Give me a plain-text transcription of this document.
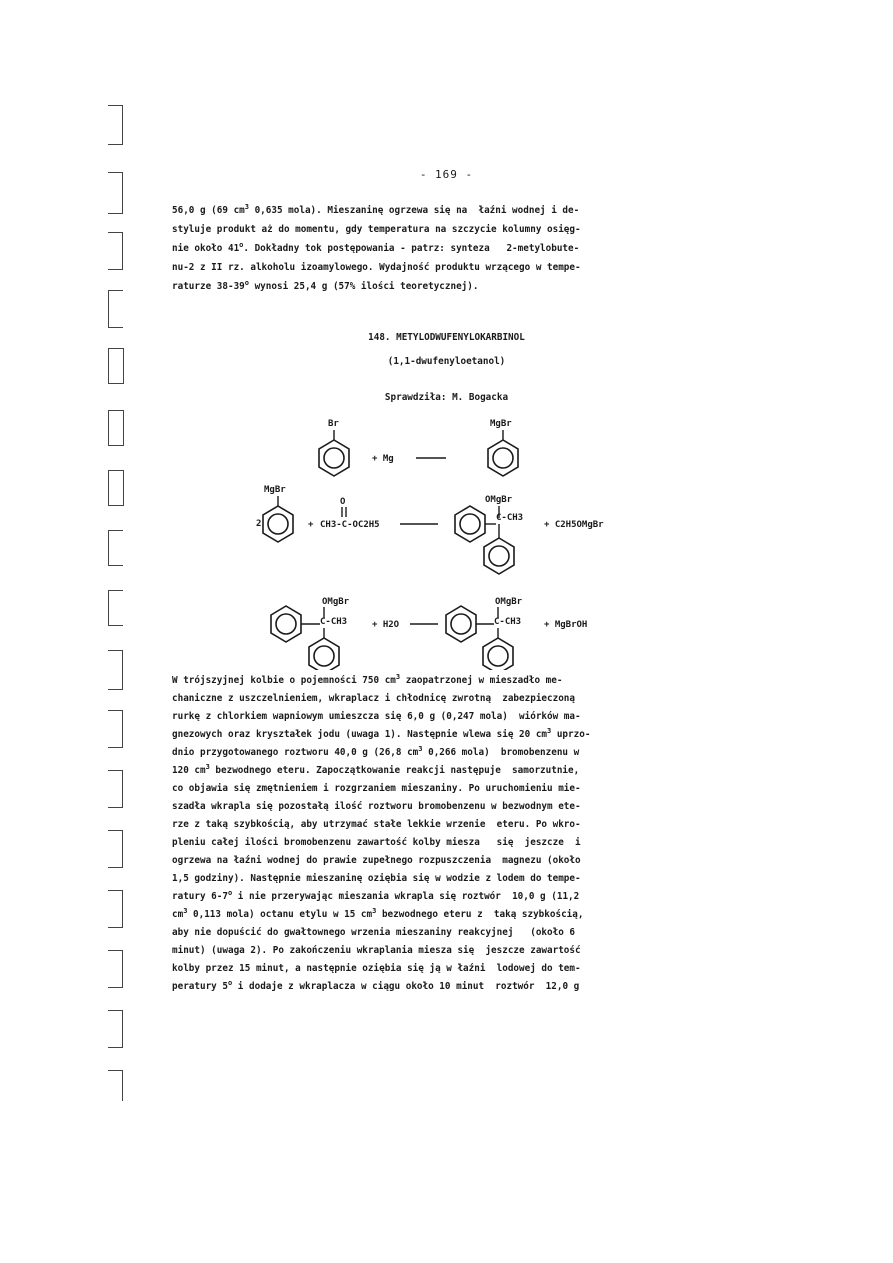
- 169 -
56,0 g (69 $cm^3$ 0,635 mola). Mieszaninę ogrzewa się na  łaźni wodnej i de-
styluje produkt aż do momentu, gdy temperatura na szczycie kolumny osięg-
nie około 41$^o$. Dokładny tok postępowania - patrz: synteza   2-metylobute-
nu-2 z II rz. alkoholu izoamylowego. Wydajność produktu wrzącego w tempe-
raturze 38-39$^o$ wynosi 25,4 g (57% ilości teoretycznej).
148. METYLODWUFENYLOKARBINOL
(1,1-dwufenyloetanol)
Sprawdziła: M. Bogacka
Br
+ Mg
MgBr
2
MgBr
+
O
CH3-C-OC2H5
OMgBr
C-CH3
+ C2H5OMgBr
OMgBr
C-CH3	+ H2O
OMgBr
C-CH3	+ MgBrOH
W trójszyjnej kolbie o pojemności 750 $cm^3$ zaopatrzonej w mieszadło me-
chaniczne z uszczelnieniem, wkraplacz i chłodnicę zwrotną  zabezpieczoną
rurkę z chlorkiem wapniowym umieszcza się 6,0 g (0,247 mola)  wiórków ma-
gnezowych oraz kryształek jodu (uwaga 1). Następnie wlewa się 20 $cm^3$ uprzo-
dnio przygotowanego roztworu 40,0 g (26,8 $cm^3$ 0,266 mola)  bromobenzenu w
120 $cm^3$ bezwodnego eteru. Zapoczątkowanie reakcji następuje  samorzutnie,
co objawia się zmętnieniem i rozgrzaniem mieszaniny. Po uruchomieniu mie-
szadła wkrapla się pozostałą ilość roztworu bromobenzenu w bezwodnym ete-
rze z taką szybkością, aby utrzymać stałe lekkie wrzenie  eteru. Po wkro-
pleniu całej ilości bromobenzenu zawartość kolby miesza   się  jeszcze  i
ogrzewa na łaźni wodnej do prawie zupełnego rozpuszczenia  magnezu (około
1,5 godziny). Następnie mieszaninę oziębia się w wodzie z lodem do tempe-
ratury 6-7$^o$ i nie przerywając mieszania wkrapla się roztwór  10,0 g (11,2
$cm^3$ 0,113 mola) octanu etylu w 15 $cm^3$ bezwodnego eteru z  taką szybkością,
aby nie dopuścić do gwałtownego wrzenia mieszaniny reakcyjnej   (około 6
minut) (uwaga 2). Po zakończeniu wkraplania miesza się  jeszcze zawartość
kolby przez 15 minut, a następnie oziębia się ją w łaźni  lodowej do tem-
peratury 5$^o$ i dodaje z wkraplacza w ciągu około 10 minut  roztwór  12,0 g
